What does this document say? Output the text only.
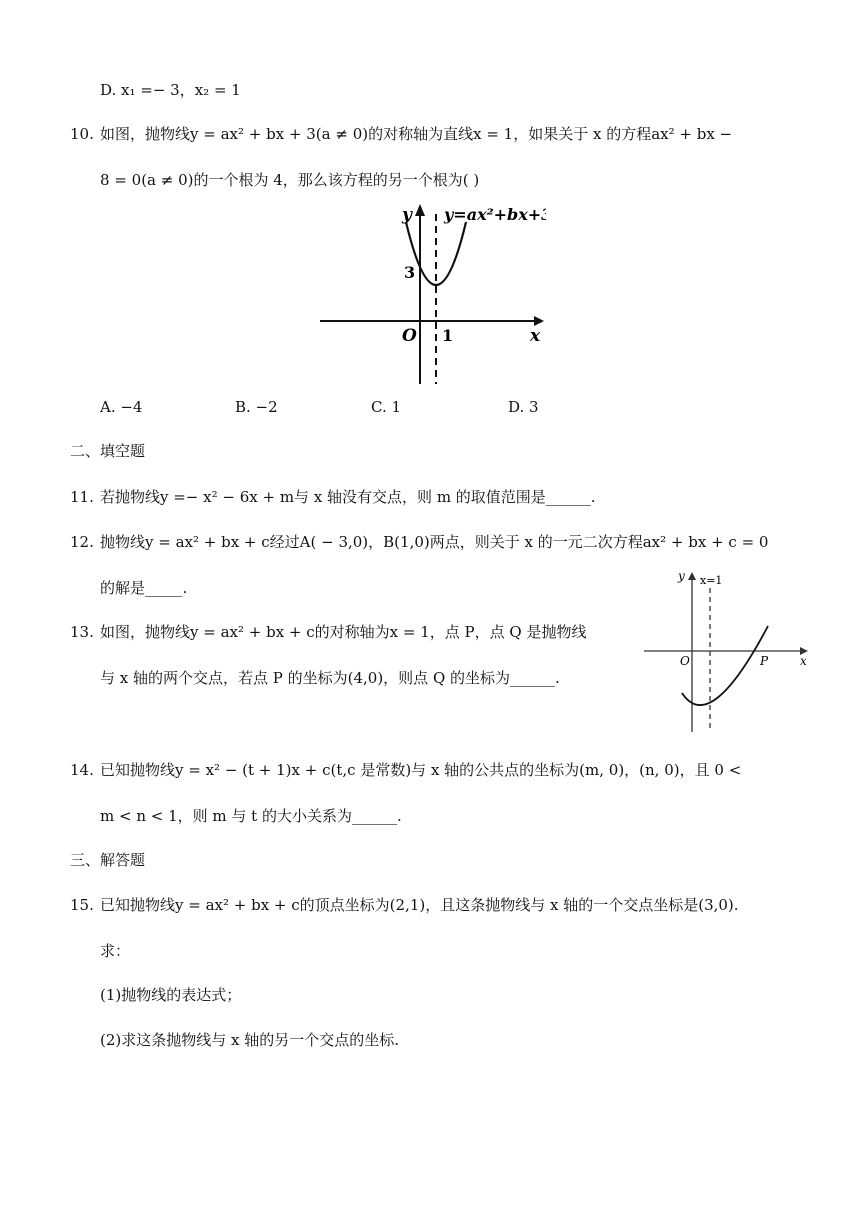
D. x₁ =− 3，x₂ = 1
10. 如图，抛物线y = ax² + bx + 3(a ≠ 0)的对称轴为直线x = 1，如果关于 x 的方程ax² + bx −
8 = 0(a ≠ 0)的一个根为 4，那么该方程的另一个根为( )
y y=ax²+bx+3
3
O 1	x
A. −4	B. −2	C. 1	D. 3
二、填空题
11. 若抛物线y =− x² − 6x + m与 x 轴没有交点，则 m 的取值范围是______.
12. 抛物线y = ax² + bx + c经过A( − 3,0)，B(1,0)两点，则关于 x 的一元二次方程ax² + bx + c = 0
的解是_____.
13. 如图，抛物线y = ax² + bx + c的对称轴为x = 1，点 P，点 Q 是抛物线
与 x 轴的两个交点，若点 P 的坐标为(4,0)，则点 Q 的坐标为______.
y x=1
O	P	x
14. 已知抛物线y = x² − (t + 1)x + c(t,c 是常数)与 x 轴的公共点的坐标为(m, 0)，(n, 0)，且 0 <
m < n < 1，则 m 与 t 的大小关系为______.
三、解答题
15. 已知抛物线y = ax² + bx + c的顶点坐标为(2,1)，且这条抛物线与 x 轴的一个交点坐标是(3,0).
求：
(1)抛物线的表达式；
(2)求这条抛物线与 x 轴的另一个交点的坐标.
